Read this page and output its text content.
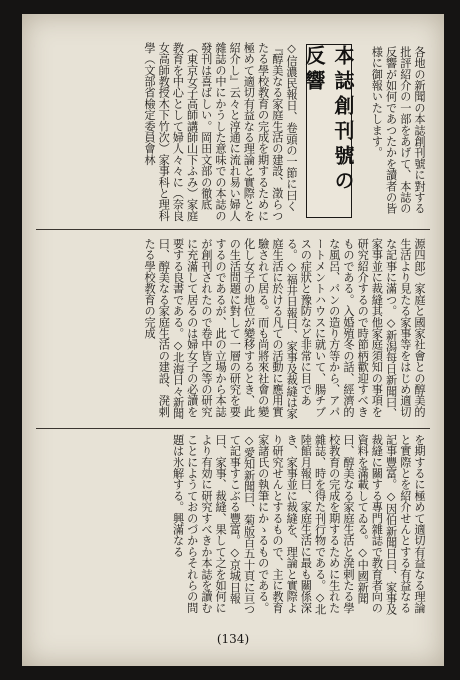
各地の新聞の本誌創刊號に對する批評紹介の一部をあげて、本誌の反響が如何であつたかを讀者の皆様に御報いたします。
本誌創刊號の反響
◇信濃民報日、卷頭の一節に曰く『醇美なる家庭生活の建設、澂らつたる學校教育の完成を期するために極めて適切有益なる理論と實際とを紹介し』云々と淳通に流れ易い婦人雜誌の中にかうした意味での本誌の發刊は喜ばしい。岡田文部の徹底（東京女子高師講師山下ふみ）家庭教育を中心として婦人々々に（奈良女高師教授木下竹次）家事科と理科學（文部省檢定委員會林
源四郎）家庭と國家社會との醇美的生活より見たる家事等をはじめ適切な記事に滿つ。◇新潟每日新聞曰、家事並に裁縫其他家庭須知の事項を研究紹介するので時節柄歡迎すべきものである。入婚殖冬の話、經濟的な風呂、パンの造り方等から、アパートメントハウスに就いて、腸チブスの症狀と豫防など非常に目である。◇福井日報曰、家事及裁縫は家庭生活に於ける凡ての活動に應用實驗されて居る。而も尚將來社會の變化し女子の地位が變移するとき、此の生活問題に對して一層の研究を要するのであるが、此の立場から本誌が創刊されたので卷中皆之等の研究に充滿して居るのは婦女子の必讀を要する良書である。◇北海日々新聞曰、醇美なる家庭生活の建設、溌剌たる學校教育の完成
を期するに極めて適切有益なる理論と實際とを紹介せんとする有益なる記事豐富。◇因伯新聞日曰、家事及裁縫に關する專門雜誌で教育者向の資料を滿載してゐる。◇中國新聞曰、醇美なる家庭生活と溌剌たる學校教育の完成を期するために生れた雜誌、時を得た刊行物である。◇北陸館月報曰、家庭生活に最も關係深き、家事並に裁縫を、理論と實際より研究せんとするもので、主に教育家諸氏の執筆にかゝるものである。◇愛知新聞曰、菊版百五十頁に亘つて記事すこぶる豐富。◇京城日報曰、家事、裁縫、果して之を如何により有効に研究すべきか本誌を讀むことにようておのづからそれらの問題は氷解する。興滿なる
(134)
